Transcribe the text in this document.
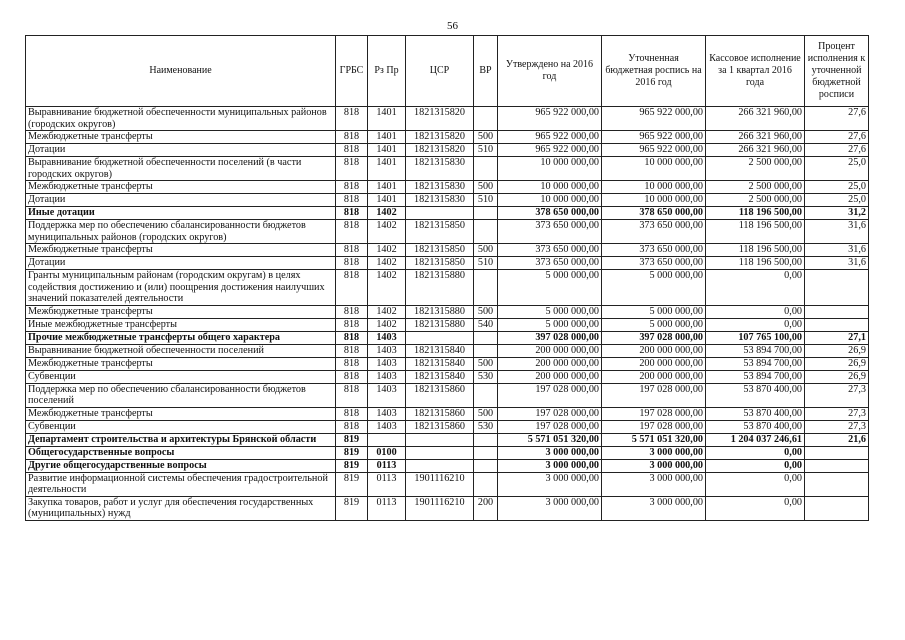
56
Наименование	ГРБС	Рз Пр	ЦСР	ВР	Утверждено на 2016 год	Уточненная бюджетная роспись на 2016 год	Кассовое исполнение за 1 квартал 2016 года	Процент исполнения к уточненной бюджетной росписи
Выравнивание бюджетной обеспеченности муниципальных районов (городских округов)	818	1401	1821315820		965 922 000,00	965 922 000,00	266 321 960,00	27,6
Межбюджетные трансферты	818	1401	1821315820	500	965 922 000,00	965 922 000,00	266 321 960,00	27,6
Дотации	818	1401	1821315820	510	965 922 000,00	965 922 000,00	266 321 960,00	27,6
Выравнивание бюджетной обеспеченности поселений (в части городских округов)	818	1401	1821315830		10 000 000,00	10 000 000,00	2 500 000,00	25,0
Межбюджетные трансферты	818	1401	1821315830	500	10 000 000,00	10 000 000,00	2 500 000,00	25,0
Дотации	818	1401	1821315830	510	10 000 000,00	10 000 000,00	2 500 000,00	25,0
Иные дотации	818	1402			378 650 000,00	378 650 000,00	118 196 500,00	31,2
Поддержка мер по обеспечению сбалансированности бюджетов муниципальных районов (городских округов)	818	1402	1821315850		373 650 000,00	373 650 000,00	118 196 500,00	31,6
Межбюджетные трансферты	818	1402	1821315850	500	373 650 000,00	373 650 000,00	118 196 500,00	31,6
Дотации	818	1402	1821315850	510	373 650 000,00	373 650 000,00	118 196 500,00	31,6
Гранты муниципальным районам (городским округам) в целях содействия достижению и (или) поощрения достижения наилучших значений показателей деятельности	818	1402	1821315880		5 000 000,00	5 000 000,00	0,00	
Межбюджетные трансферты	818	1402	1821315880	500	5 000 000,00	5 000 000,00	0,00	
Иные межбюджетные трансферты	818	1402	1821315880	540	5 000 000,00	5 000 000,00	0,00	
Прочие межбюджетные трансферты общего характера	818	1403			397 028 000,00	397 028 000,00	107 765 100,00	27,1
Выравнивание бюджетной обеспеченности поселений	818	1403	1821315840		200 000 000,00	200 000 000,00	53 894 700,00	26,9
Межбюджетные трансферты	818	1403	1821315840	500	200 000 000,00	200 000 000,00	53 894 700,00	26,9
Субвенции	818	1403	1821315840	530	200 000 000,00	200 000 000,00	53 894 700,00	26,9
Поддержка мер по обеспечению сбалансированности бюджетов поселений	818	1403	1821315860		197 028 000,00	197 028 000,00	53 870 400,00	27,3
Межбюджетные трансферты	818	1403	1821315860	500	197 028 000,00	197 028 000,00	53 870 400,00	27,3
Субвенции	818	1403	1821315860	530	197 028 000,00	197 028 000,00	53 870 400,00	27,3
Департамент строительства и архитектуры Брянской области	819				5 571 051 320,00	5 571 051 320,00	1 204 037 246,61	21,6
Общегосударственные вопросы	819	0100			3 000 000,00	3 000 000,00	0,00	
Другие общегосударственные вопросы	819	0113			3 000 000,00	3 000 000,00	0,00	
Развитие информационной системы обеспечения градостроительной деятельности	819	0113	1901116210		3 000 000,00	3 000 000,00	0,00	
Закупка товаров, работ и услуг для обеспечения государственных (муниципальных) нужд	819	0113	1901116210	200	3 000 000,00	3 000 000,00	0,00	
